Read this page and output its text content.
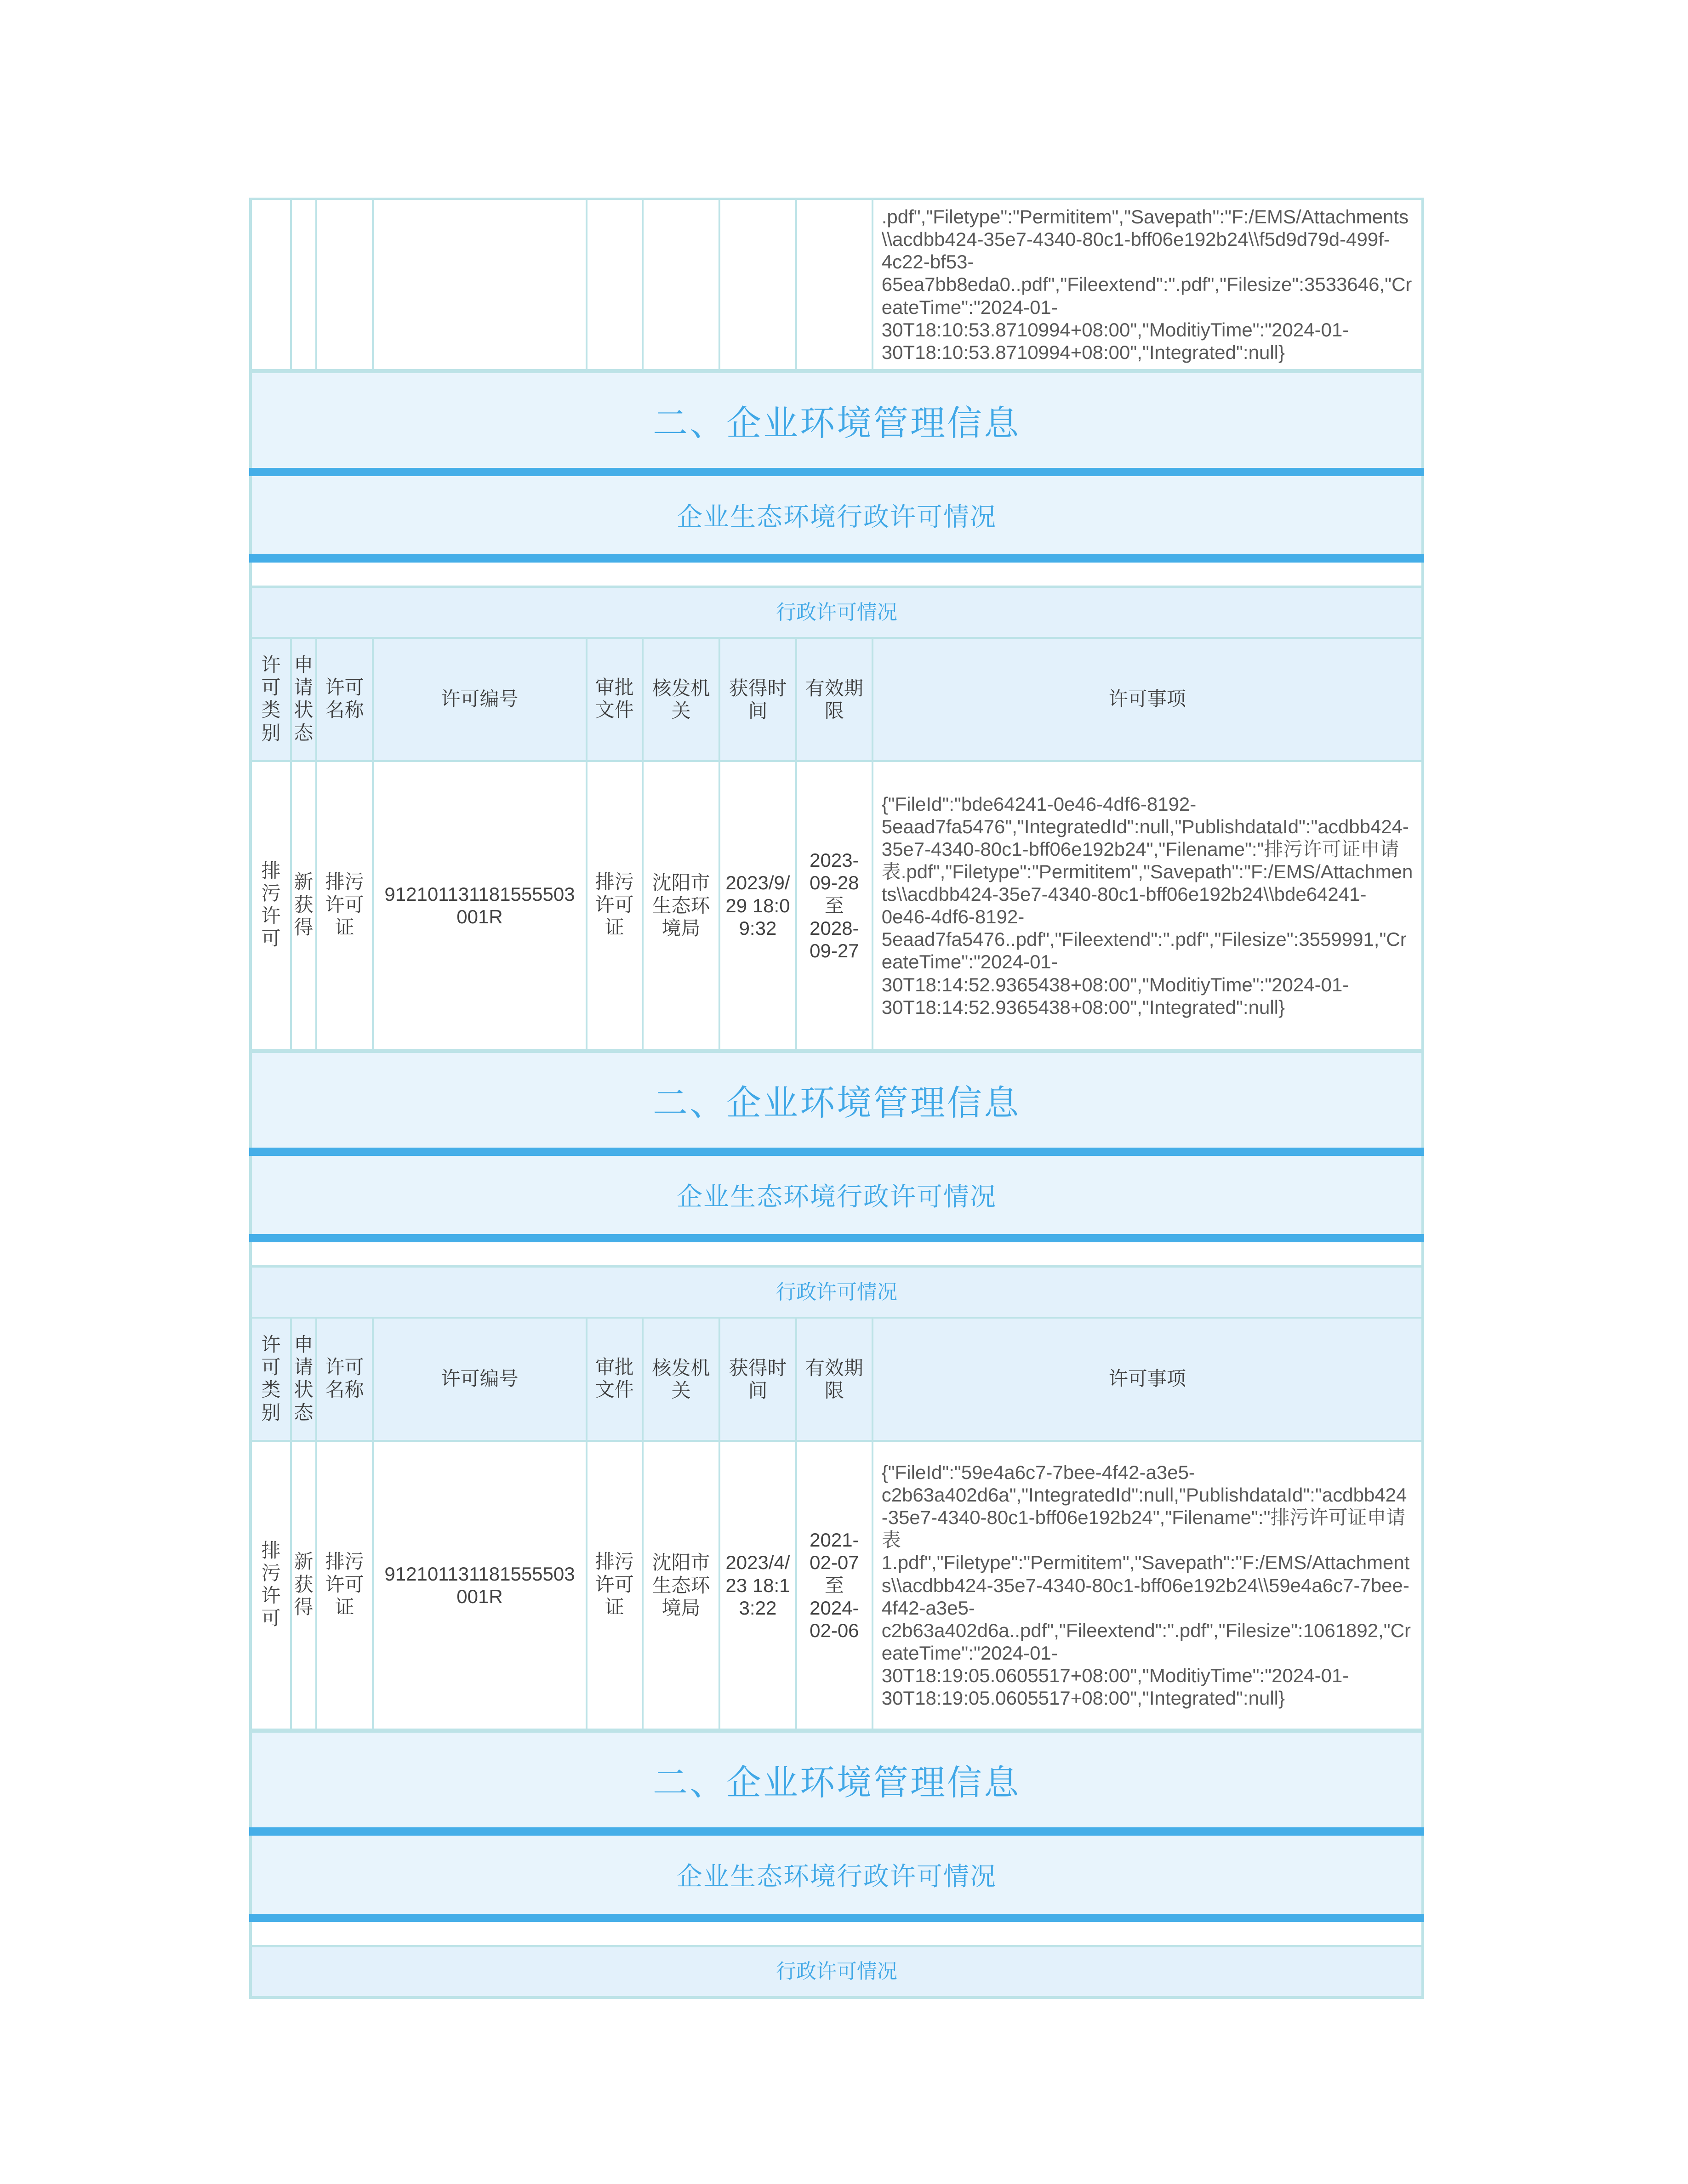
								.pdf","Filetype":"Permititem","Savepath":"F:/EMS/Attachments\\acdbb424-35e7-4340-80c1-bff06e192b24\\f5d9d79d-499f-4c22-bf53-65ea7bb8eda0..pdf","Fileextend":".pdf","Filesize":3533646,"CreateTime":"2024-01-30T18:10:53.8710994+08:00","ModitiyTime":"2024-01-30T18:10:53.8710994+08:00","Integrated":null}
二、企业环境管理信息
企业生态环境行政许可情况
行政许可情况								
许可类别	申请状态	许可名称	许可编号	审批文件	核发机关	获得时间	有效期限	许可事项
排污许可	新获得	排污许可证	912101131181555503001R	排污许可证	沈阳市生态环境局	2023/9/29 18:09:32	2023-09-28 至 2028-09-27	{"FileId":"bde64241-0e46-4df6-8192-5eaad7fa5476","IntegratedId":null,"PublishdataId":"acdbb424-35e7-4340-80c1-bff06e192b24","Filename":"排污许可证申请表.pdf","Filetype":"Permititem","Savepath":"F:/EMS/Attachments\\acdbb424-35e7-4340-80c1-bff06e192b24\\bde64241-0e46-4df6-8192-5eaad7fa5476..pdf","Fileextend":".pdf","Filesize":3559991,"CreateTime":"2024-01-30T18:14:52.9365438+08:00","ModitiyTime":"2024-01-30T18:14:52.9365438+08:00","Integrated":null}
二、企业环境管理信息
企业生态环境行政许可情况
行政许可情况								
许可类别	申请状态	许可名称	许可编号	审批文件	核发机关	获得时间	有效期限	许可事项
排污许可	新获得	排污许可证	912101131181555503001R	排污许可证	沈阳市生态环境局	2023/4/23 18:13:22	2021-02-07 至 2024-02-06	{"FileId":"59e4a6c7-7bee-4f42-a3e5-c2b63a402d6a","IntegratedId":null,"PublishdataId":"acdbb424-35e7-4340-80c1-bff06e192b24","Filename":"排污许可证申请表1.pdf","Filetype":"Permititem","Savepath":"F:/EMS/Attachments\\acdbb424-35e7-4340-80c1-bff06e192b24\\59e4a6c7-7bee-4f42-a3e5-c2b63a402d6a..pdf","Fileextend":".pdf","Filesize":1061892,"CreateTime":"2024-01-30T18:19:05.0605517+08:00","ModitiyTime":"2024-01-30T18:19:05.0605517+08:00","Integrated":null}
二、企业环境管理信息
企业生态环境行政许可情况
行政许可情况
